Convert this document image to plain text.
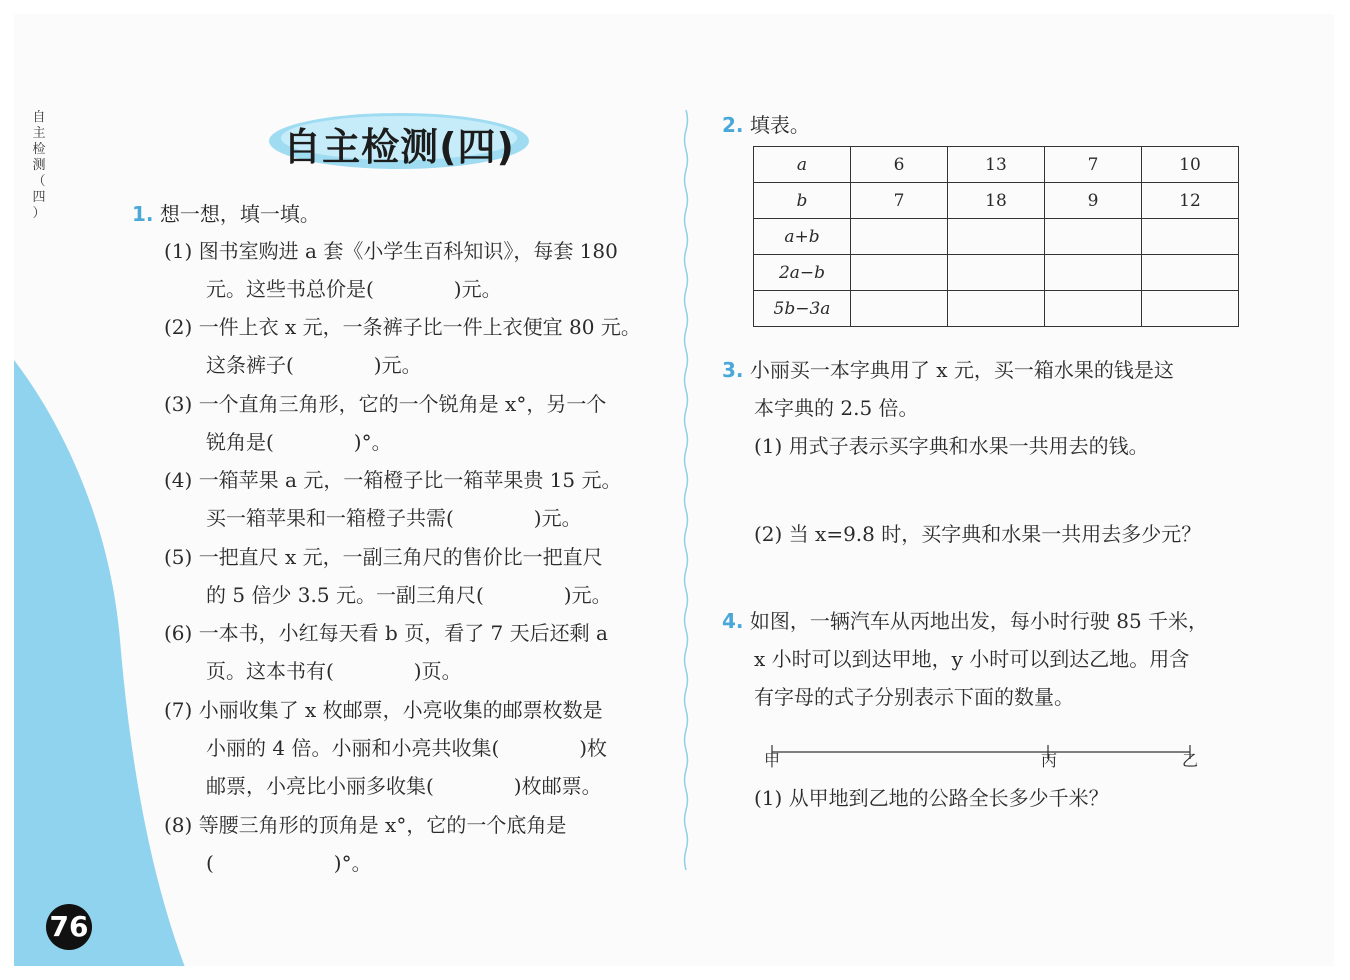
自
主
检
测
（
四
）
自主检测(四)
1. 想一想，填一填。
(1) 图书室购进 a 套《小学生百科知识》，每套 180
元。这些书总价是(　　　　)元。
(2) 一件上衣 x 元，一条裤子比一件上衣便宜 80 元。
这条裤子(　　　　)元。
(3) 一个直角三角形，它的一个锐角是 x°，另一个
锐角是(　　　　)°。
(4) 一箱苹果 a 元，一箱橙子比一箱苹果贵 15 元。
买一箱苹果和一箱橙子共需(　　　　)元。
(5) 一把直尺 x 元，一副三角尺的售价比一把直尺
的 5 倍少 3.5 元。一副三角尺(　　　　)元。
(6) 一本书，小红每天看 b 页，看了 7 天后还剩 a
页。这本书有(　　　　)页。
(7) 小丽收集了 x 枚邮票，小亮收集的邮票枚数是
小丽的 4 倍。小丽和小亮共收集(　　　　)枚
邮票，小亮比小丽多收集(　　　　)枚邮票。
(8) 等腰三角形的顶角是 x°，它的一个底角是
(　　　　　　)°。
2. 填表。
a	6	13	7	10
b	7	18	9	12
a+b				
2a−b				
5b−3a				
3. 小丽买一本字典用了 x 元，买一箱水果的钱是这
本字典的 2.5 倍。
(1) 用式子表示买字典和水果一共用去的钱。
(2) 当 x=9.8 时，买字典和水果一共用去多少元？
4. 如图，一辆汽车从丙地出发，每小时行驶 85 千米，
x 小时可以到达甲地，y 小时可以到达乙地。用含
有字母的式子分别表示下面的数量。
甲	丙	乙
(1) 从甲地到乙地的公路全长多少千米？
76
